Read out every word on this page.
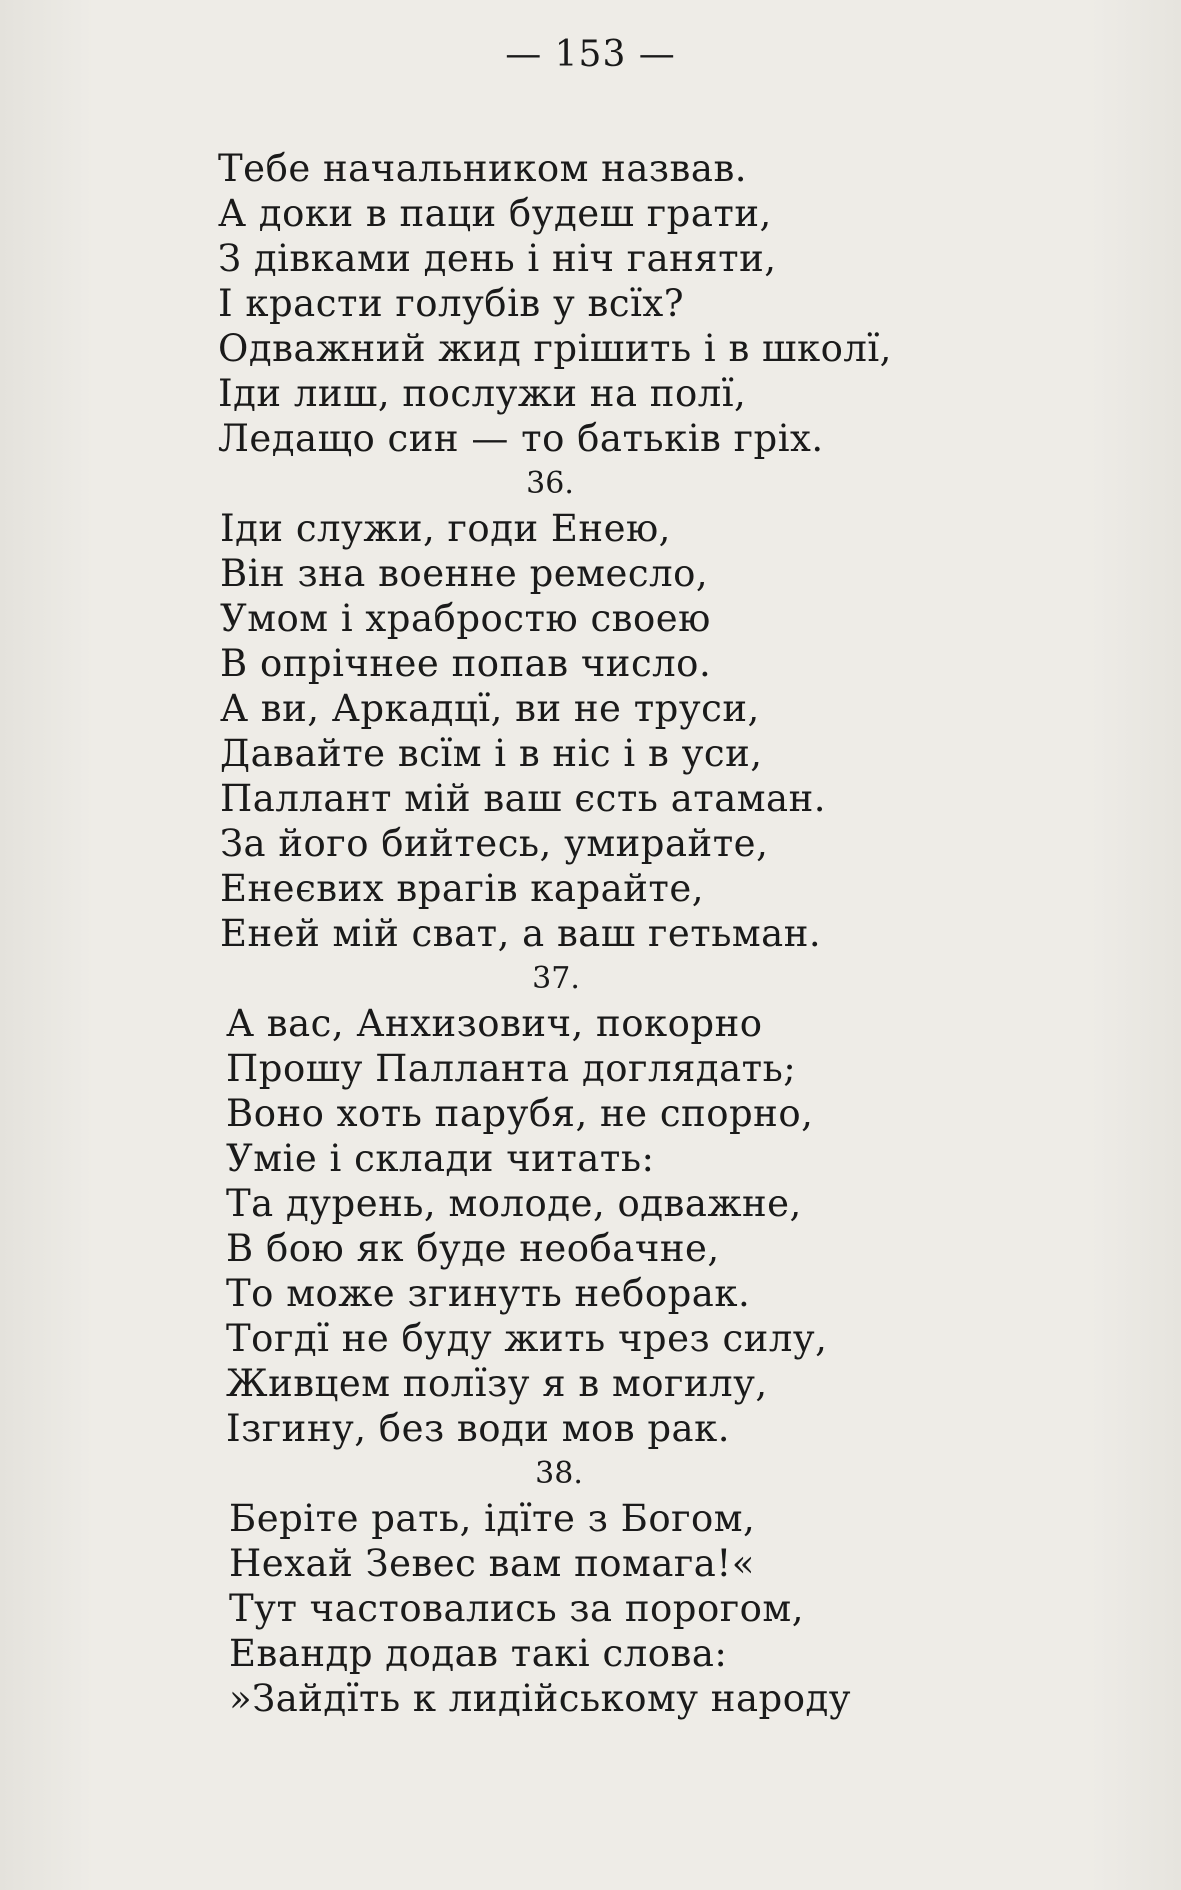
— 153 —
Тебе начальником назвав.
А доки в паци будеш грати,
З дівками день і ніч ганяти,
І красти голубів у всїх?
Одважний жид грішить і в школї,
Іди лиш, послужи на полї,
Ледащо син — то батьків гріх.
36.
Іди служи, годи Енею,
Він зна военне ремесло,
Умом і храбростю своею
В опрічнее попав число.
А ви, Аркадцї, ви не труси,
Давайте всїм і в ніс і в уси,
Паллант мій ваш єсть атаман.
За його бийтесь, умирайте,
Енеєвих врагів карайте,
Еней мій сват, а ваш гетьман.
37.
А вас, Анхизович, покорно
Прошу Палланта доглядать;
Воно хоть парубя, не спорно,
Уміе і склади читать:
Та дурень, молоде, одважне,
В бою як буде необачне,
То може згинуть неборак.
Тогдї не буду жить чрез силу,
Живцем полїзу я в могилу,
Ізгину, без води мов рак.
38.
Беріте рать, ідїте з Богом,
Нехай Зевес вам помага!«
Тут частовались за порогом,
Евандр додав такі слова:
»Зайдїть к лидійському народу
